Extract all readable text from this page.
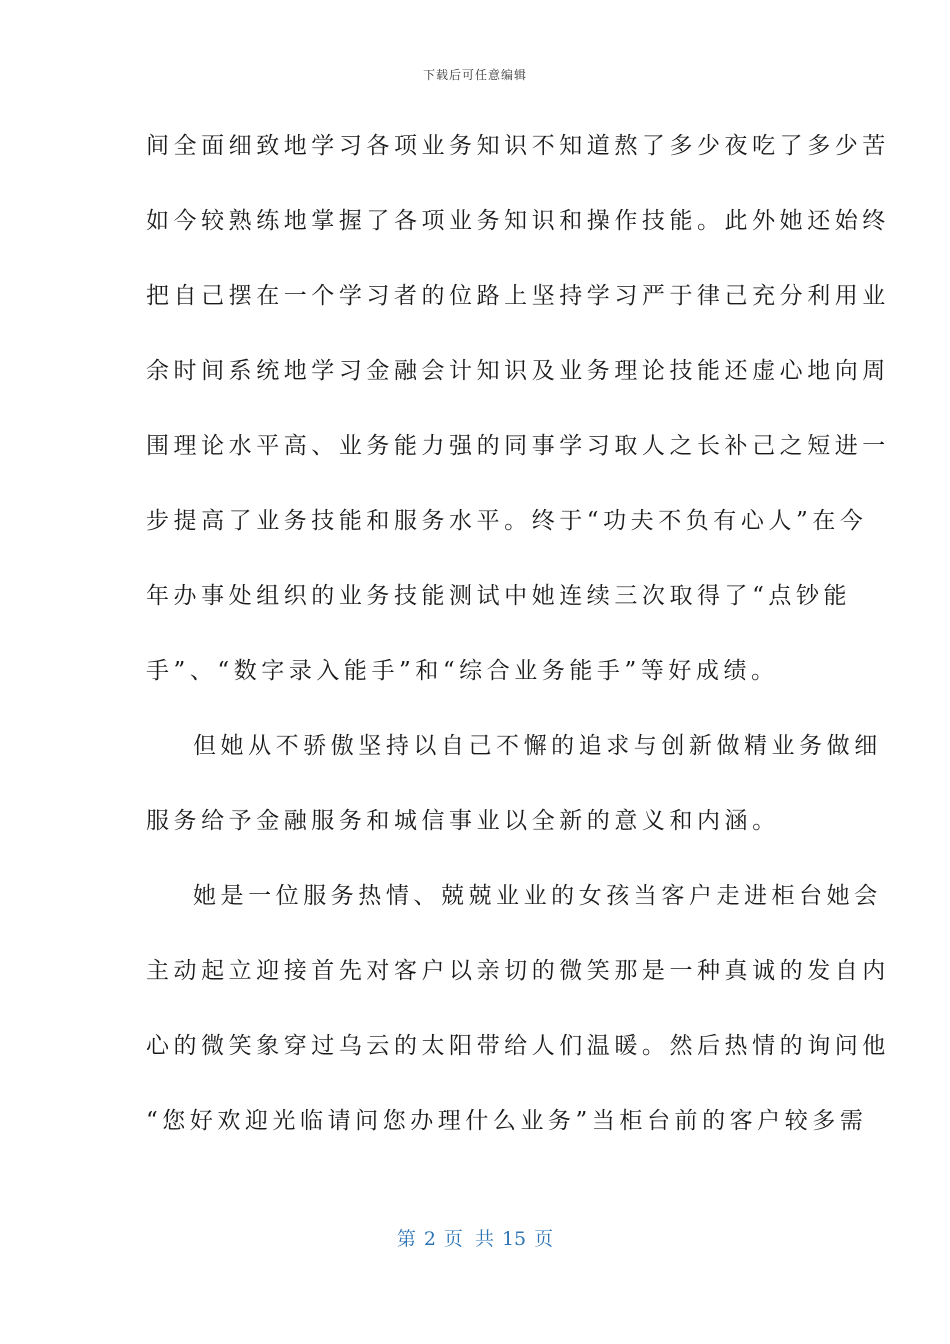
下载后可任意编辑
间全面细致地学习各项业务知识不知道熬了多少夜吃了多少苦
如今较熟练地掌握了各项业务知识和操作技能。此外她还始终
把自己摆在一个学习者的位路上坚持学习严于律己充分利用业
余时间系统地学习金融会计知识及业务理论技能还虚心地向周
围理论水平高、业务能力强的同事学习取人之长补己之短进一
步提高了业务技能和服务水平。终于“功夫不负有心人”在今
年办事处组织的业务技能测试中她连续三次取得了“点钞能
手”、“数字录入能手”和“综合业务能手”等好成绩。
但她从不骄傲坚持以自己不懈的追求与创新做精业务做细
服务给予金融服务和城信事业以全新的意义和内涵。
她是一位服务热情、兢兢业业的女孩当客户走进柜台她会
主动起立迎接首先对客户以亲切的微笑那是一种真诚的发自内
心的微笑象穿过乌云的太阳带给人们温暖。然后热情的询问他
“您好欢迎光临请问您办理什么业务”当柜台前的客户较多需
第 2 页 共 15 页
